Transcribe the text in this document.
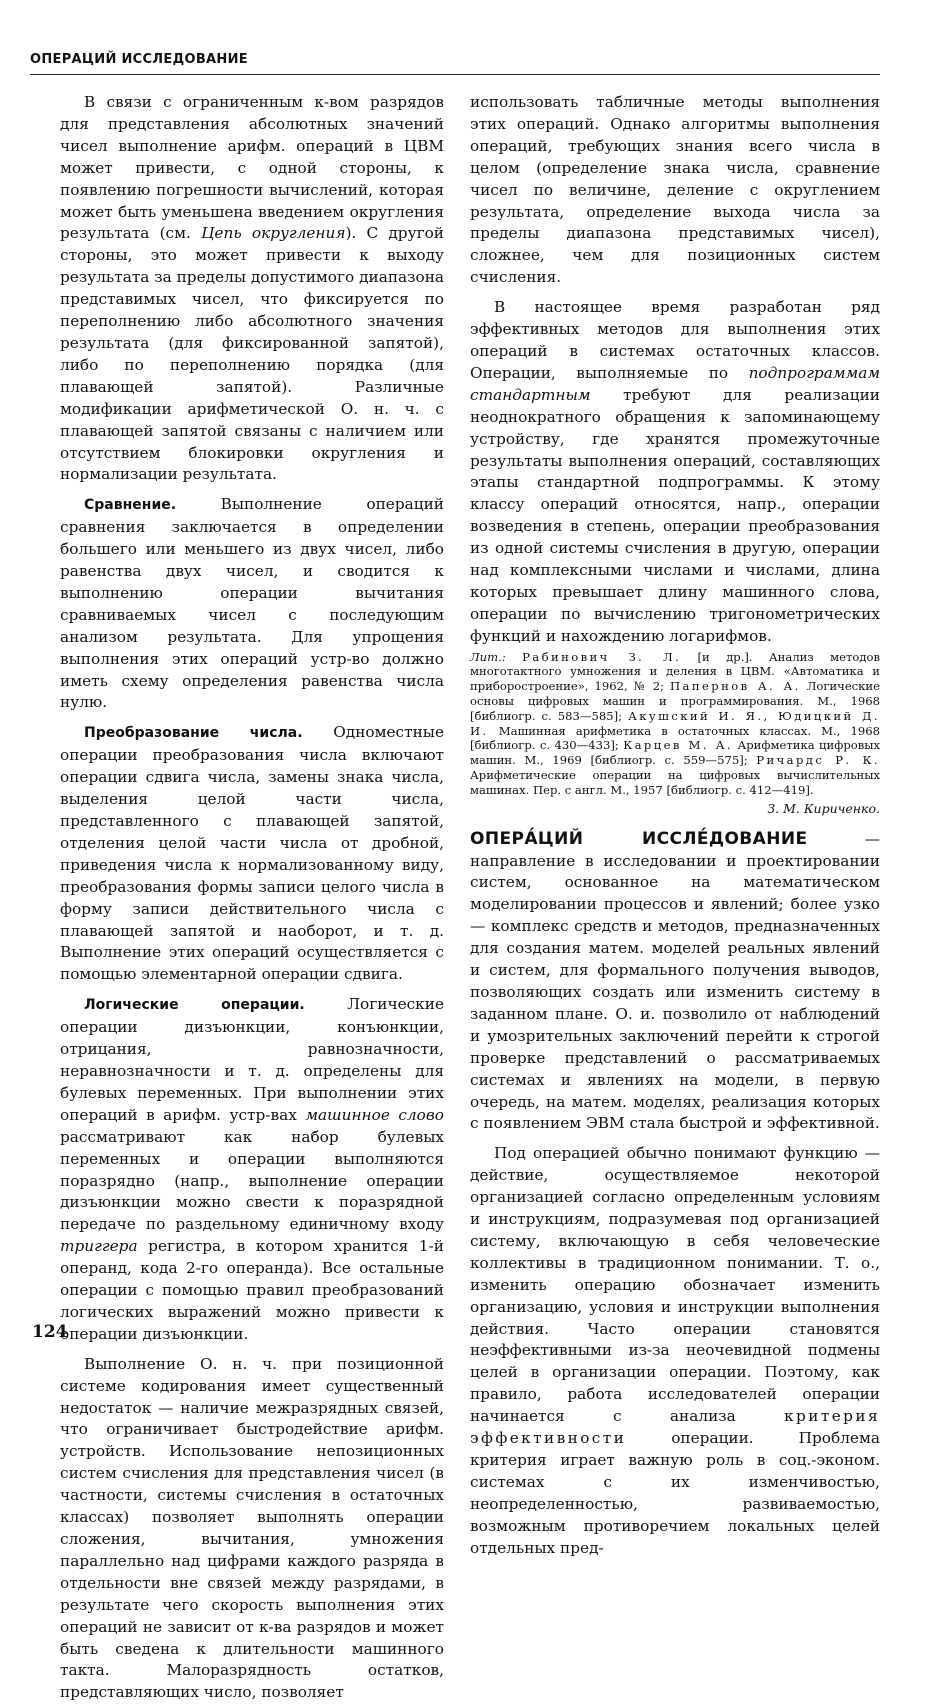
ОПЕРАЦИЙ ИССЛЕДОВАНИЕ

В связи с ограниченным к-вом разрядов для представления абсолютных значений чисел выполнение арифм. операций в ЦВМ может привести, с одной стороны, к появлению погрешности вычислений, которая может быть уменьшена введением округления результата (см. Цепь округления). С другой стороны, это может привести к выходу результата за пределы допустимого диапазона представимых чисел, что фиксируется по переполнению либо абсолютного значения результата (для фиксированной запятой), либо по переполнению порядка (для плавающей запятой). Различные модификации арифметической О. н. ч. с плавающей запятой связаны с наличием или отсутствием блокировки округления и нормализации результата.

Сравнение. Выполнение операций сравнения заключается в определении большего или меньшего из двух чисел, либо равенства двух чисел, и сводится к выполнению операции вычитания сравниваемых чисел с последующим анализом результата. Для упрощения выполнения этих операций устр-во должно иметь схему определения равенства числа нулю.

Преобразование числа. Одноместные операции преобразования числа включают операции сдвига числа, замены знака числа, выделения целой части числа, представленного с плавающей запятой, отделения целой части числа от дробной, приведения числа к нормализованному виду, преобразования формы записи целого числа в форму записи действительного числа с плавающей запятой и наоборот, и т. д. Выполнение этих операций осуществляется с помощью элементарной операции сдвига.

Логические операции. Логические операции дизъюнкции, конъюнкции, отрицания, равнозначности, неравнозначности и т. д. определены для булевых переменных. При выполнении этих операций в арифм. устр-вах машинное слово рассматривают как набор булевых переменных и операции выполняются поразрядно (напр., выполнение операции дизъюнкции можно свести к поразрядной передаче по раздельному единичному входу триггера регистра, в котором хранится 1-й операнд, кода 2-го операнда). Все остальные операции с помощью правил преобразований логических выражений можно привести к операции дизъюнкции.

Выполнение О. н. ч. при позиционной системе кодирования имеет существенный недостаток — наличие межразрядных связей, что ограничивает быстродействие арифм. устройств. Использование непозиционных систем счисления для представления чисел (в частности, системы счисления в остаточных классах) позволяет выполнять операции сложения, вычитания, умножения параллельно над цифрами каждого разряда в отдельности вне связей между разрядами, в результате чего скорость выполнения этих операций не зависит от к-ва разрядов и может быть сведена к длительности машинного такта. Малоразрядность остатков, представляющих число, позволяет

использовать табличные методы выполнения этих операций. Однако алгоритмы выполнения операций, требующих знания всего числа в целом (определение знака числа, сравнение чисел по величине, деление с округлением результата, определение выхода числа за пределы диапазона представимых чисел), сложнее, чем для позиционных систем счисления.

В настоящее время разработан ряд эффективных методов для выполнения этих операций в системах остаточных классов. Операции, выполняемые по подпрограммам стандартным требуют для реализации неоднократного обращения к запоминающему устройству, где хранятся промежуточные результаты выполнения операций, составляющих этапы стандартной подпрограммы. К этому классу операций относятся, напр., операции возведения в степень, операции преобразования из одной системы счисления в другую, операции над комплексными числами и числами, длина которых превышает длину машинного слова, операции по вычислению тригонометрических функций и нахождению логарифмов.

Лит.: Рабинович З. Л. [и др.]. Анализ методов многотактного умножения и деления в ЦВМ. «Автоматика и приборостроение», 1962, № 2; Папернов А. А. Логические основы цифровых машин и программирования. М., 1968 [библиогр. с. 583—585]; Акушский И. Я., Юдицкий Д. И. Машинная арифметика в остаточных классах. М., 1968 [библиогр. с. 430—433]; Карцев М. А. Арифметика цифровых машин. М., 1969 [библиогр. с. 559—575]; Ричардс Р. К. Арифметические операции на цифровых вычислительных машинах. Пер. с англ. М., 1957 [библиогр. с. 412—419].

З. М. Кириченко.

ОПЕРА́ЦИЙ ИССЛЕ́ДОВАНИЕ — направление в исследовании и проектировании систем, основанное на математическом моделировании процессов и явлений; более узко — комплекс средств и методов, предназначенных для создания матем. моделей реальных явлений и систем, для формального получения выводов, позволяющих создать или изменить систему в заданном плане. О. и. позволило от наблюдений и умозрительных заключений перейти к строгой проверке представлений о рассматриваемых системах и явлениях на модели, в первую очередь, на матем. моделях, реализация которых с появлением ЭВМ стала быстрой и эффективной.

Под операцией обычно понимают функцию — действие, осуществляемое некоторой организацией согласно определенным условиям и инструкциям, подразумевая под организацией систему, включающую в себя человеческие коллективы в традиционном понимании. Т. о., изменить операцию обозначает изменить организацию, условия и инструкции выполнения действия. Часто операции становятся неэффективными из-за неочевидной подмены целей в организации операции. Поэтому, как правило, работа исследователей операции начинается с анализа критерия эффективности операции. Проблема критерия играет важную роль в соц.-эконом. системах с их изменчивостью, неопределенностью, развиваемостью, возможным противоречием локальных целей отдельных пред-

124
